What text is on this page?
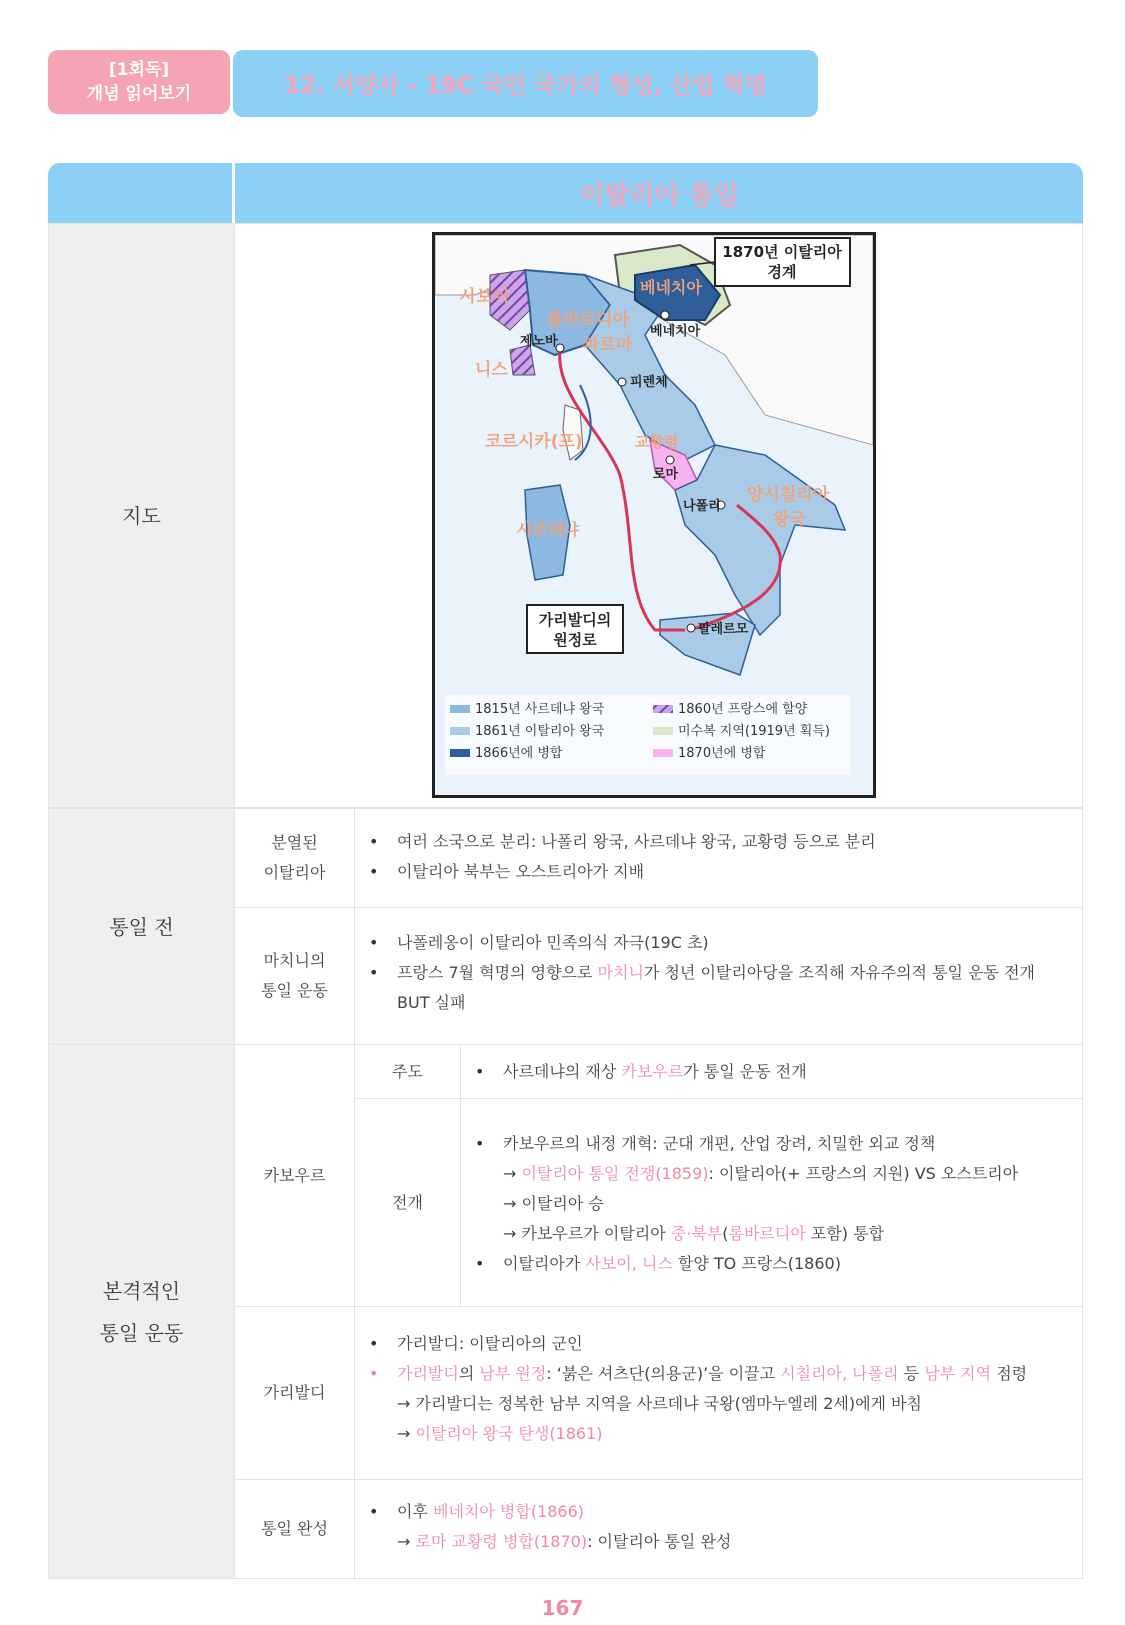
[1회독]
개념 읽어보기	12. 서양사 - 19C 국민 국가의 형성, 산업 혁명
이탈리아 통일
지도
1870년 이탈리아
경계
가리발디의
원정로
사보이	베네치아
롬바르디아
파르마
니스
코르시카(프)	교황령
양시칠리아
왕국
사르데냐
제노바
베네치아
피렌체
로마
나폴리
팔레르모
1815년 사르데냐 왕국	1860년 프랑스에 할양
1861년 이탈리아 왕국	미수복 지역(1919년 획득)
1866년에 병합	1870년에 병합
통일 전
분열된
이탈리아
• 여러 소국으로 분리: 나폴리 왕국, 사르데냐 왕국, 교황령 등으로 분리
• 이탈리아 북부는 오스트리아가 지배
마치니의
통일 운동
• 나폴레옹이 이탈리아 민족의식 자극(19C 초)
• 프랑스 7월 혁명의 영향으로 마치니가 청년 이탈리아당을 조직해 자유주의적 통일 운동 전개
BUT 실패
본격적인
통일 운동
카보우르
주도
•	사르데냐의 재상 카보우르가 통일 운동 전개
전개
• 카보우르의 내정 개혁: 군대 개편, 산업 장려, 치밀한 외교 정책
→ 이탈리아 통일 전쟁(1859): 이탈리아(+ 프랑스의 지원) VS 오스트리아
→ 이탈리아 승
→ 카보우르가 이탈리아 중·북부(롬바르디아 포함) 통합
• 이탈리아가 사보이, 니스 할양 TO 프랑스(1860)
가리발디
• 가리발디: 이탈리아의 군인
• 가리발디의 남부 원정: ‘붉은 셔츠단(의용군)’을 이끌고 시칠리아, 나폴리 등 남부 지역 점령
→ 가리발디는 정복한 남부 지역을 사르데냐 국왕(엠마누엘레 2세)에게 바침
→ 이탈리아 왕국 탄생(1861)
통일 완성
• 이후 베네치아 병합(1866)
→ 로마 교황령 병합(1870): 이탈리아 통일 완성
167
